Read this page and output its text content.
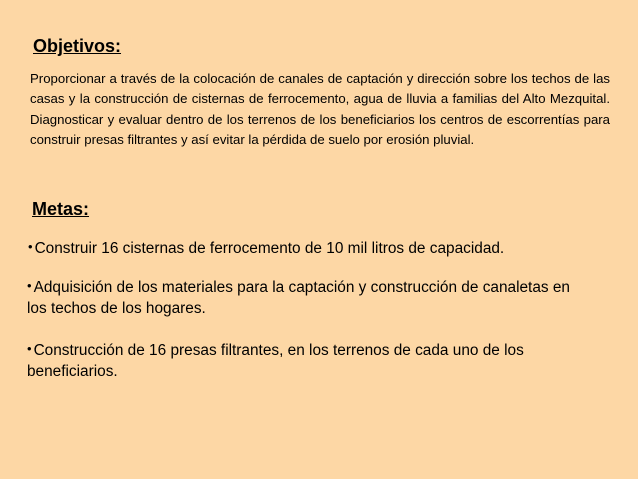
Objetivos:

Proporcionar a través de la colocación de canales de captación y dirección sobre los techos de las casas y la construcción de cisternas de ferrocemento, agua de lluvia a familias del Alto Mezquital. Diagnosticar y evaluar dentro de los terrenos de los beneficiarios los centros de escorrentías para construir presas filtrantes y así evitar la pérdida de suelo por erosión pluvial.

Metas:
• Construir 16 cisternas de ferrocemento de 10 mil litros de capacidad.
• Adquisición de los materiales para la captación y construcción de canaletas en los techos de los hogares.
• Construcción de 16 presas filtrantes, en los terrenos de cada uno de los beneficiarios.
